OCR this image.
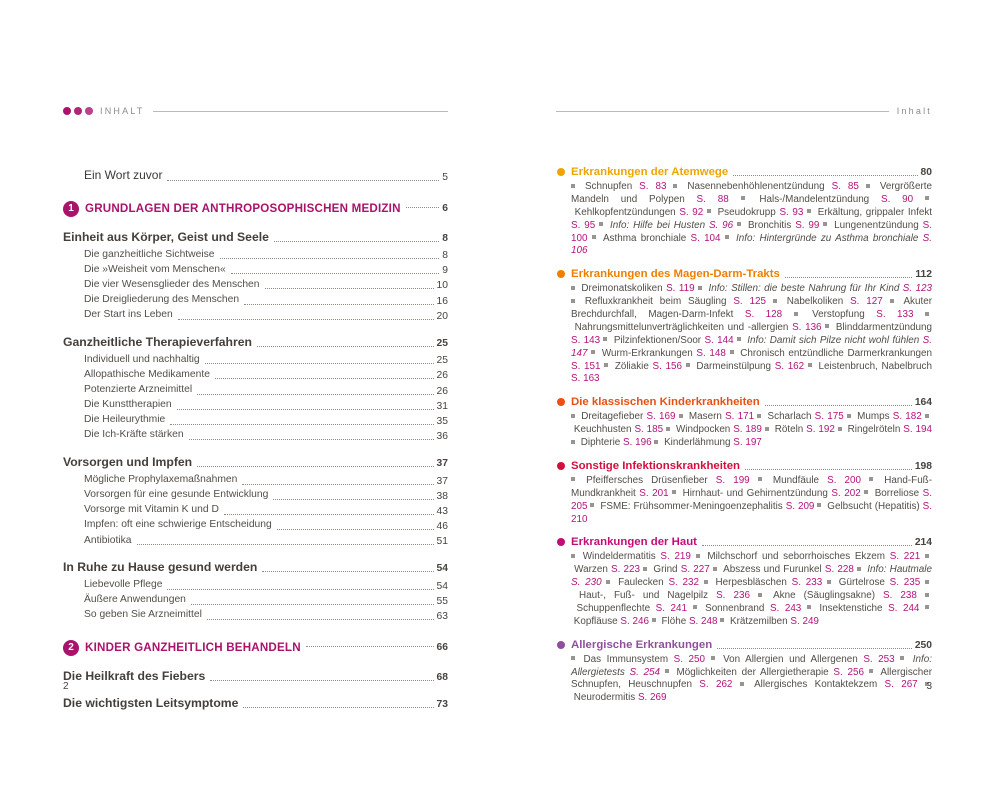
INHALT	Inhalt
Ein Wort zuvor	5
1 GRUNDLAGEN DER ANTHROPOSOPHISCHEN MEDIZIN	6
Einheit aus Körper, Geist und Seele	8
Die ganzheitliche Sichtweise	8
Die »Weisheit vom Menschen«	9
Die vier Wesensglieder des Menschen	10
Die Dreigliederung des Menschen	16
Der Start ins Leben	20
Ganzheitliche Therapieverfahren	25
Individuell und nachhaltig	25
Allopathische Medikamente	26
Potenzierte Arzneimittel	26
Die Kunsttherapien	31
Die Heileurythmie	35
Die Ich-Kräfte stärken	36
Vorsorgen und Impfen	37
Mögliche Prophylaxemaßnahmen	37
Vorsorgen für eine gesunde Entwicklung	38
Vorsorge mit Vitamin K und D	43
Impfen: oft eine schwierige Entscheidung	46
Antibiotika	51
In Ruhe zu Hause gesund werden	54
Liebevolle Pflege	54
Äußere Anwendungen	55
So geben Sie Arzneimittel	63
2 KINDER GANZHEITLICH BEHANDELN	66
Die Heilkraft des Fiebers	68
Die wichtigsten Leitsymptome	73
Erkrankungen der Atemwege	80

Schnupfen S. 83  Nasennebenhöhlenentzündung S. 85  Vergrößerte Mandeln und Polypen S. 88  Hals-/Mandelentzündung S. 90  Kehlkopfentzündungen S. 92  Pseudokrupp S. 93  Erkältung, grippaler Infekt S. 95  Info: Hilfe bei Husten S. 96  Bronchitis S. 99  Lungenentzündung S. 100  Asthma bronchiale S. 104  Info: Hintergründe zu Asthma bronchiale S. 106

Erkrankungen des Magen-Darm-Trakts	112

Dreimonatskoliken S. 119  Info: Stillen: die beste Nahrung für Ihr Kind S. 123  Refluxkrankheit beim Säugling S. 125  Nabelkoliken S. 127  Akuter Brechdurchfall, Magen-Darm-Infekt S. 128  Verstopfung S. 133  Nahrungsmittelunverträglichkeiten und -allergien S. 136  Blinddarmentzündung S. 143  Pilzinfektionen/Soor S. 144  Info: Damit sich Pilze nicht wohl fühlen S. 147  Wurm-Erkrankungen S. 148  Chronisch entzündliche Darmerkrankungen S. 151  Zöliakie S. 156  Darmeinstülpung S. 162  Leistenbruch, Nabelbruch S. 163

Die klassischen Kinderkrankheiten	164

Dreitagefieber S. 169  Masern S. 171  Scharlach S. 175  Mumps S. 182  Keuchhusten S. 185  Windpocken S. 189  Röteln S. 192  Ringelröteln S. 194  Diphterie S. 196  Kinderlähmung S. 197

Sonstige Infektionskrankheiten	198

Pfeiffersches Drüsenfieber S. 199  Mundfäule S. 200  Hand-Fuß-Mundkrankheit S. 201  Hirnhaut- und Gehirnentzündung S. 202  Borreliose S. 205  FSME: Frühsommer-Meningoenzephalitis S. 209  Gelbsucht (Hepatitis) S. 210

Erkrankungen der Haut	214

Windeldermatitis S. 219  Milchschorf und seborrhoisches Ekzem S. 221  Warzen S. 223  Grind S. 227  Abszess und Furunkel S. 228  Info: Hautmale S. 230  Faulecken S. 232  Herpesbläschen S. 233  Gürtelrose S. 235  Haut-, Fuß- und Nagelpilz S. 236  Akne (Säuglingsakne) S. 238  Schuppenflechte S. 241  Sonnenbrand S. 243  Insektenstiche S. 244  Kopfläuse S. 246  Flöhe S. 248  Krätzemilben S. 249

Allergische Erkrankungen	250

Das Immunsystem S. 250  Von Allergien und Allergenen S. 253  Info: Allergietests S. 254  Möglichkeiten der Allergietherapie S. 256  Allergischer Schnupfen, Heuschnupfen S. 262  Allergisches Kontaktekzem S. 267  Neurodermitis S. 269

2	3
